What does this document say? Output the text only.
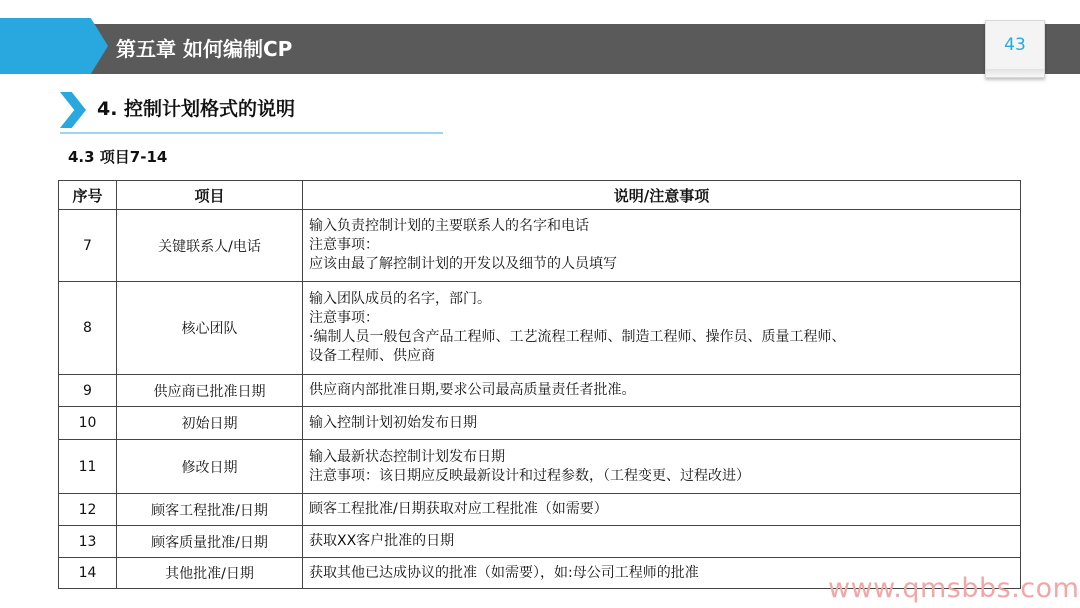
第五章 如何编制CP	43
4. 控制计划格式的说明
4.3 项目7-14
序号	项目	说明/注意事项
7	关键联系人/电话	输入负责控制计划的主要联系人的名字和电话
注意事项：
应该由最了解控制计划的开发以及细节的人员填写

8	核心团队	输入团队成员的名字，部门。
注意事项：
·编制人员一般包含产品工程师、工艺流程工程师、制造工程师、操作员、质量工程师、
设备工程师、供应商

9	供应商已批准日期	供应商内部批准日期,要求公司最高质量责任者批准。

10	初始日期	输入控制计划初始发布日期

11	修改日期	输入最新状态控制计划发布日期
注意事项：该日期应反映最新设计和过程参数，（工程变更、过程改进）

12	顾客工程批准/日期	顾客工程批准/日期获取对应工程批准（如需要）

13	顾客质量批准/日期	获取XX客户批准的日期

14	其他批准/日期	获取其他已达成协议的批准（如需要），如:母公司工程师的批准
www.qmsbbs.com
